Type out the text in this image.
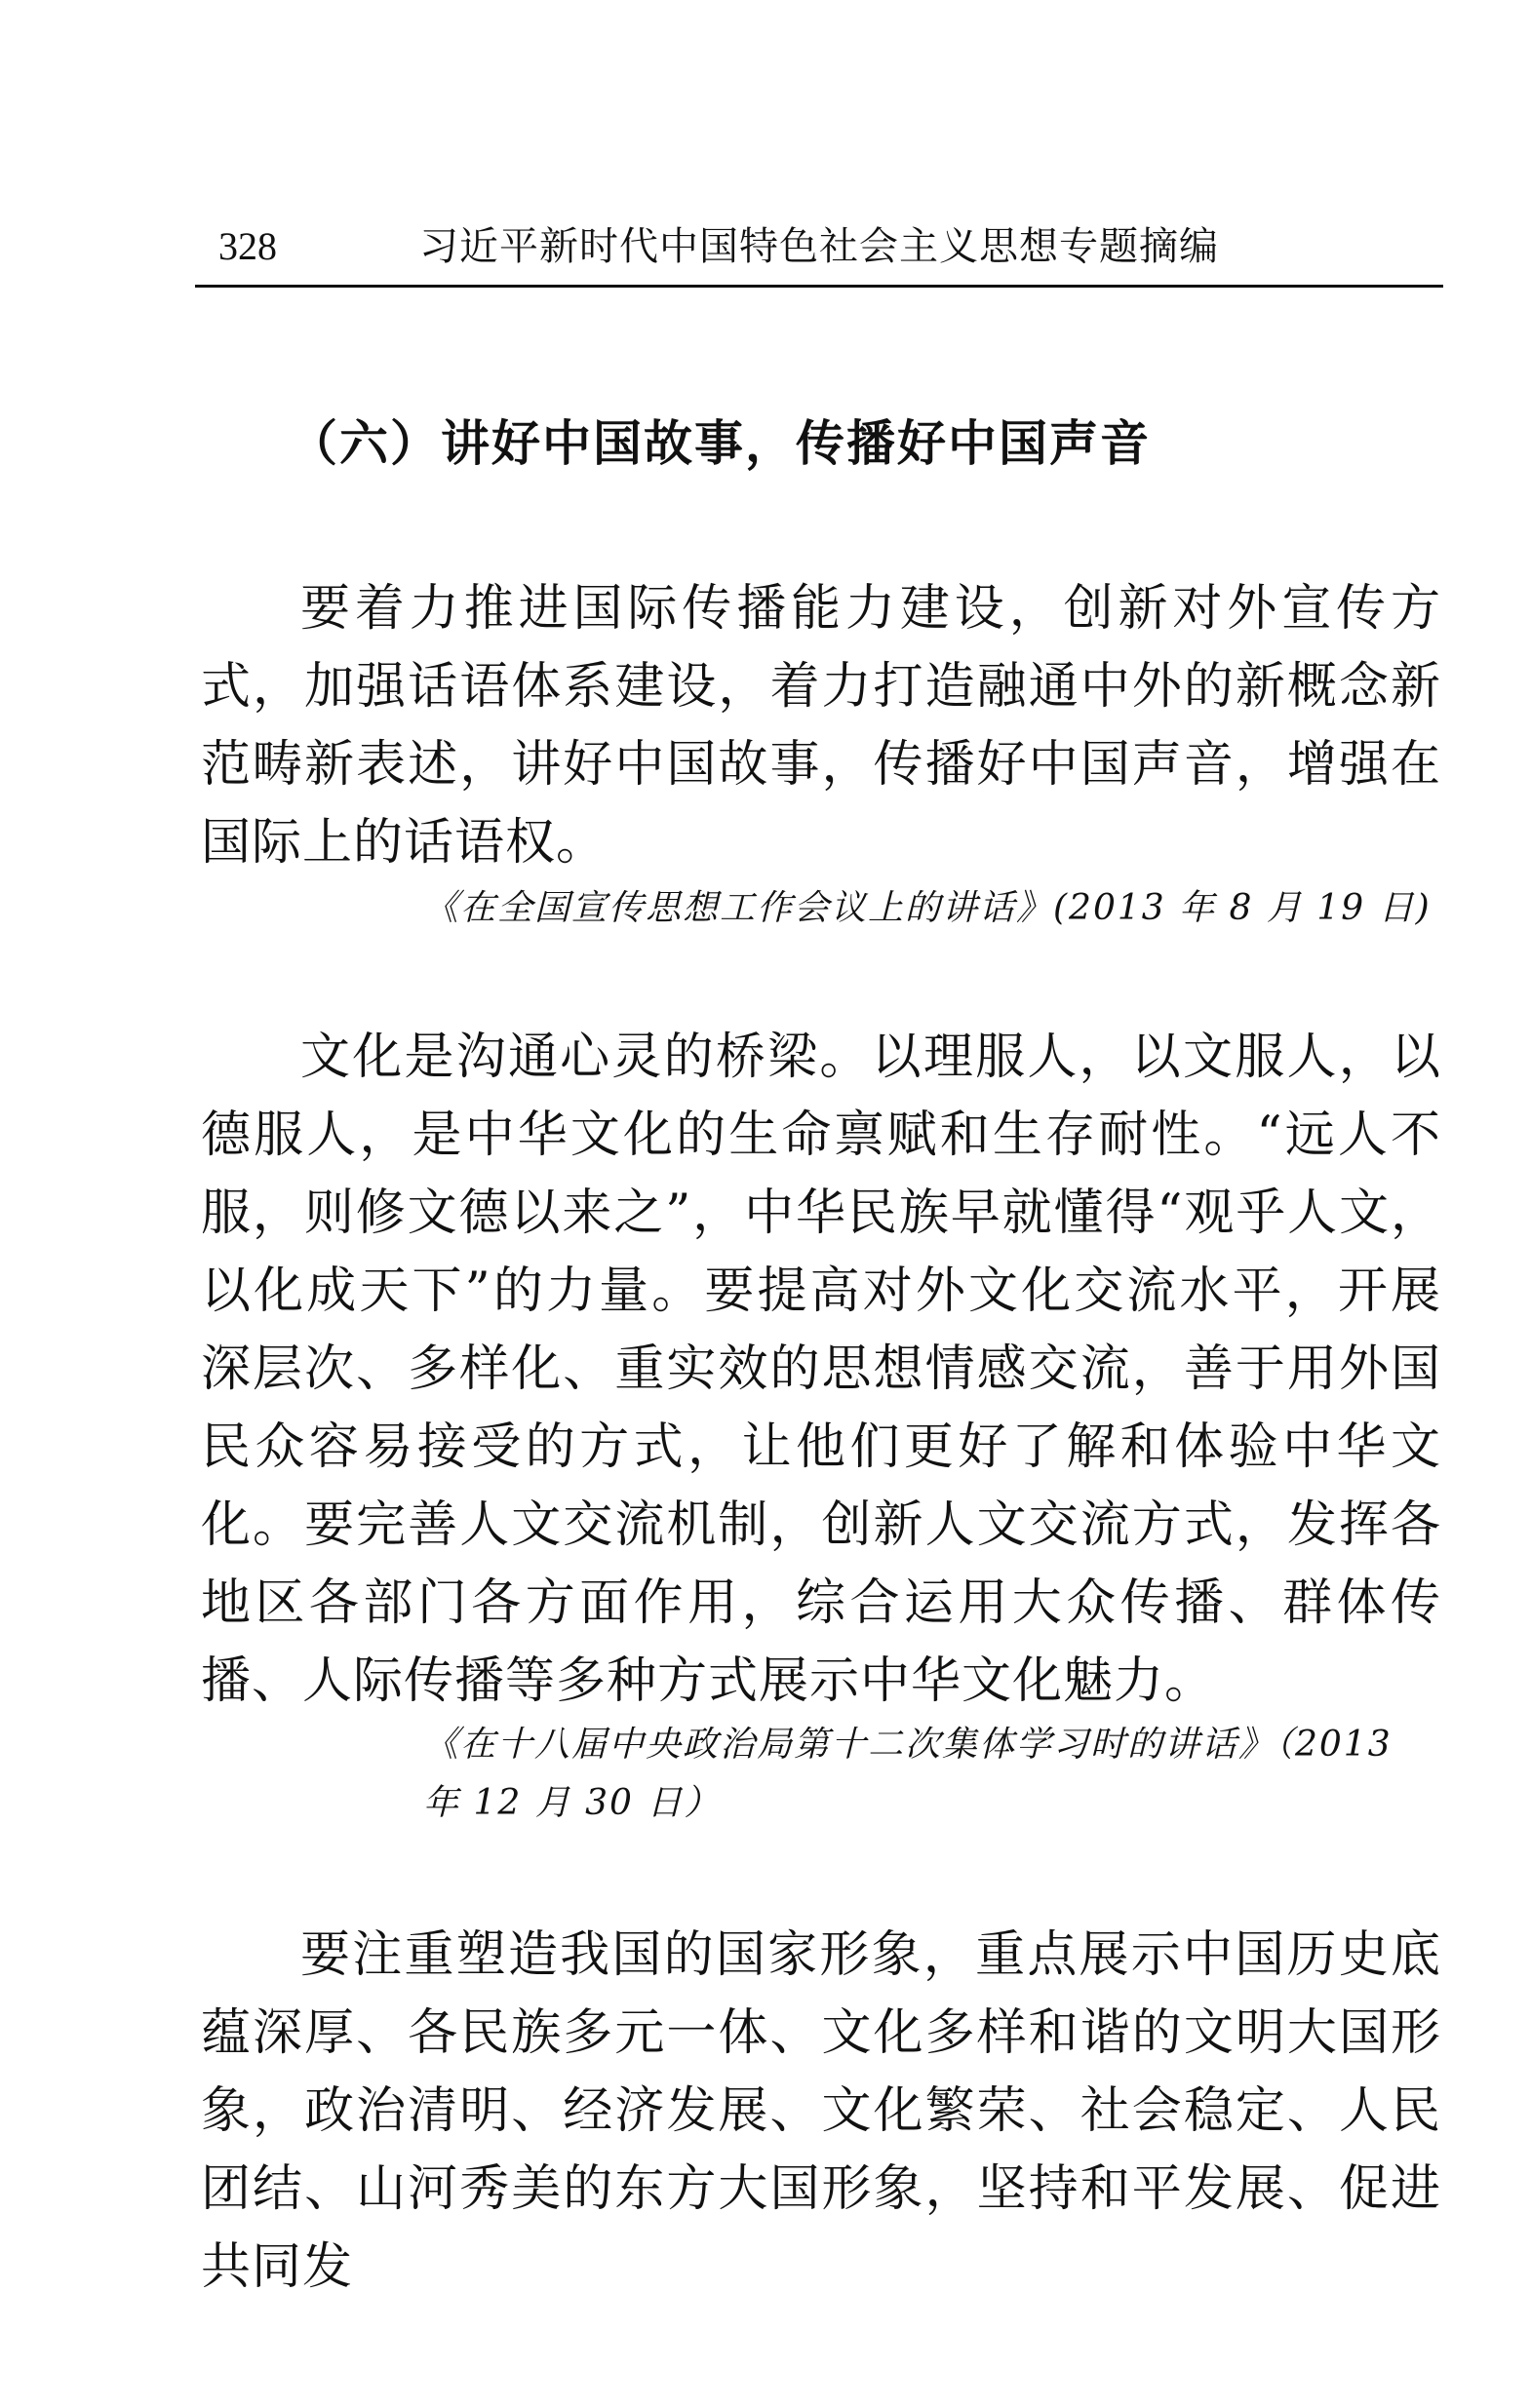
328	习近平新时代中国特色社会主义思想专题摘编
（六）讲好中国故事，传播好中国声音

要着力推进国际传播能力建设，创新对外宣传方式，加强话语体系建设，着力打造融通中外的新概念新范畴新表述，讲好中国故事，传播好中国声音，增强在国际上的话语权。

《在全国宣传思想工作会议上的讲话》(2013 年 8 月 19 日)

文化是沟通心灵的桥梁。以理服人，以文服人，以德服人，是中华文化的生命禀赋和生存耐性。“远人不服，则修文德以来之”，中华民族早就懂得“观乎人文，以化成天下”的力量。要提高对外文化交流水平，开展深层次、多样化、重实效的思想情感交流，善于用外国民众容易接受的方式，让他们更好了解和体验中华文化。要完善人文交流机制，创新人文交流方式，发挥各地区各部门各方面作用，综合运用大众传播、群体传播、人际传播等多种方式展示中华文化魅力。

《在十八届中央政治局第十二次集体学习时的讲话》（2013 年 12 月 30 日）

要注重塑造我国的国家形象，重点展示中国历史底蕴深厚、各民族多元一体、文化多样和谐的文明大国形象，政治清明、经济发展、文化繁荣、社会稳定、人民团结、山河秀美的东方大国形象，坚持和平发展、促进共同发
